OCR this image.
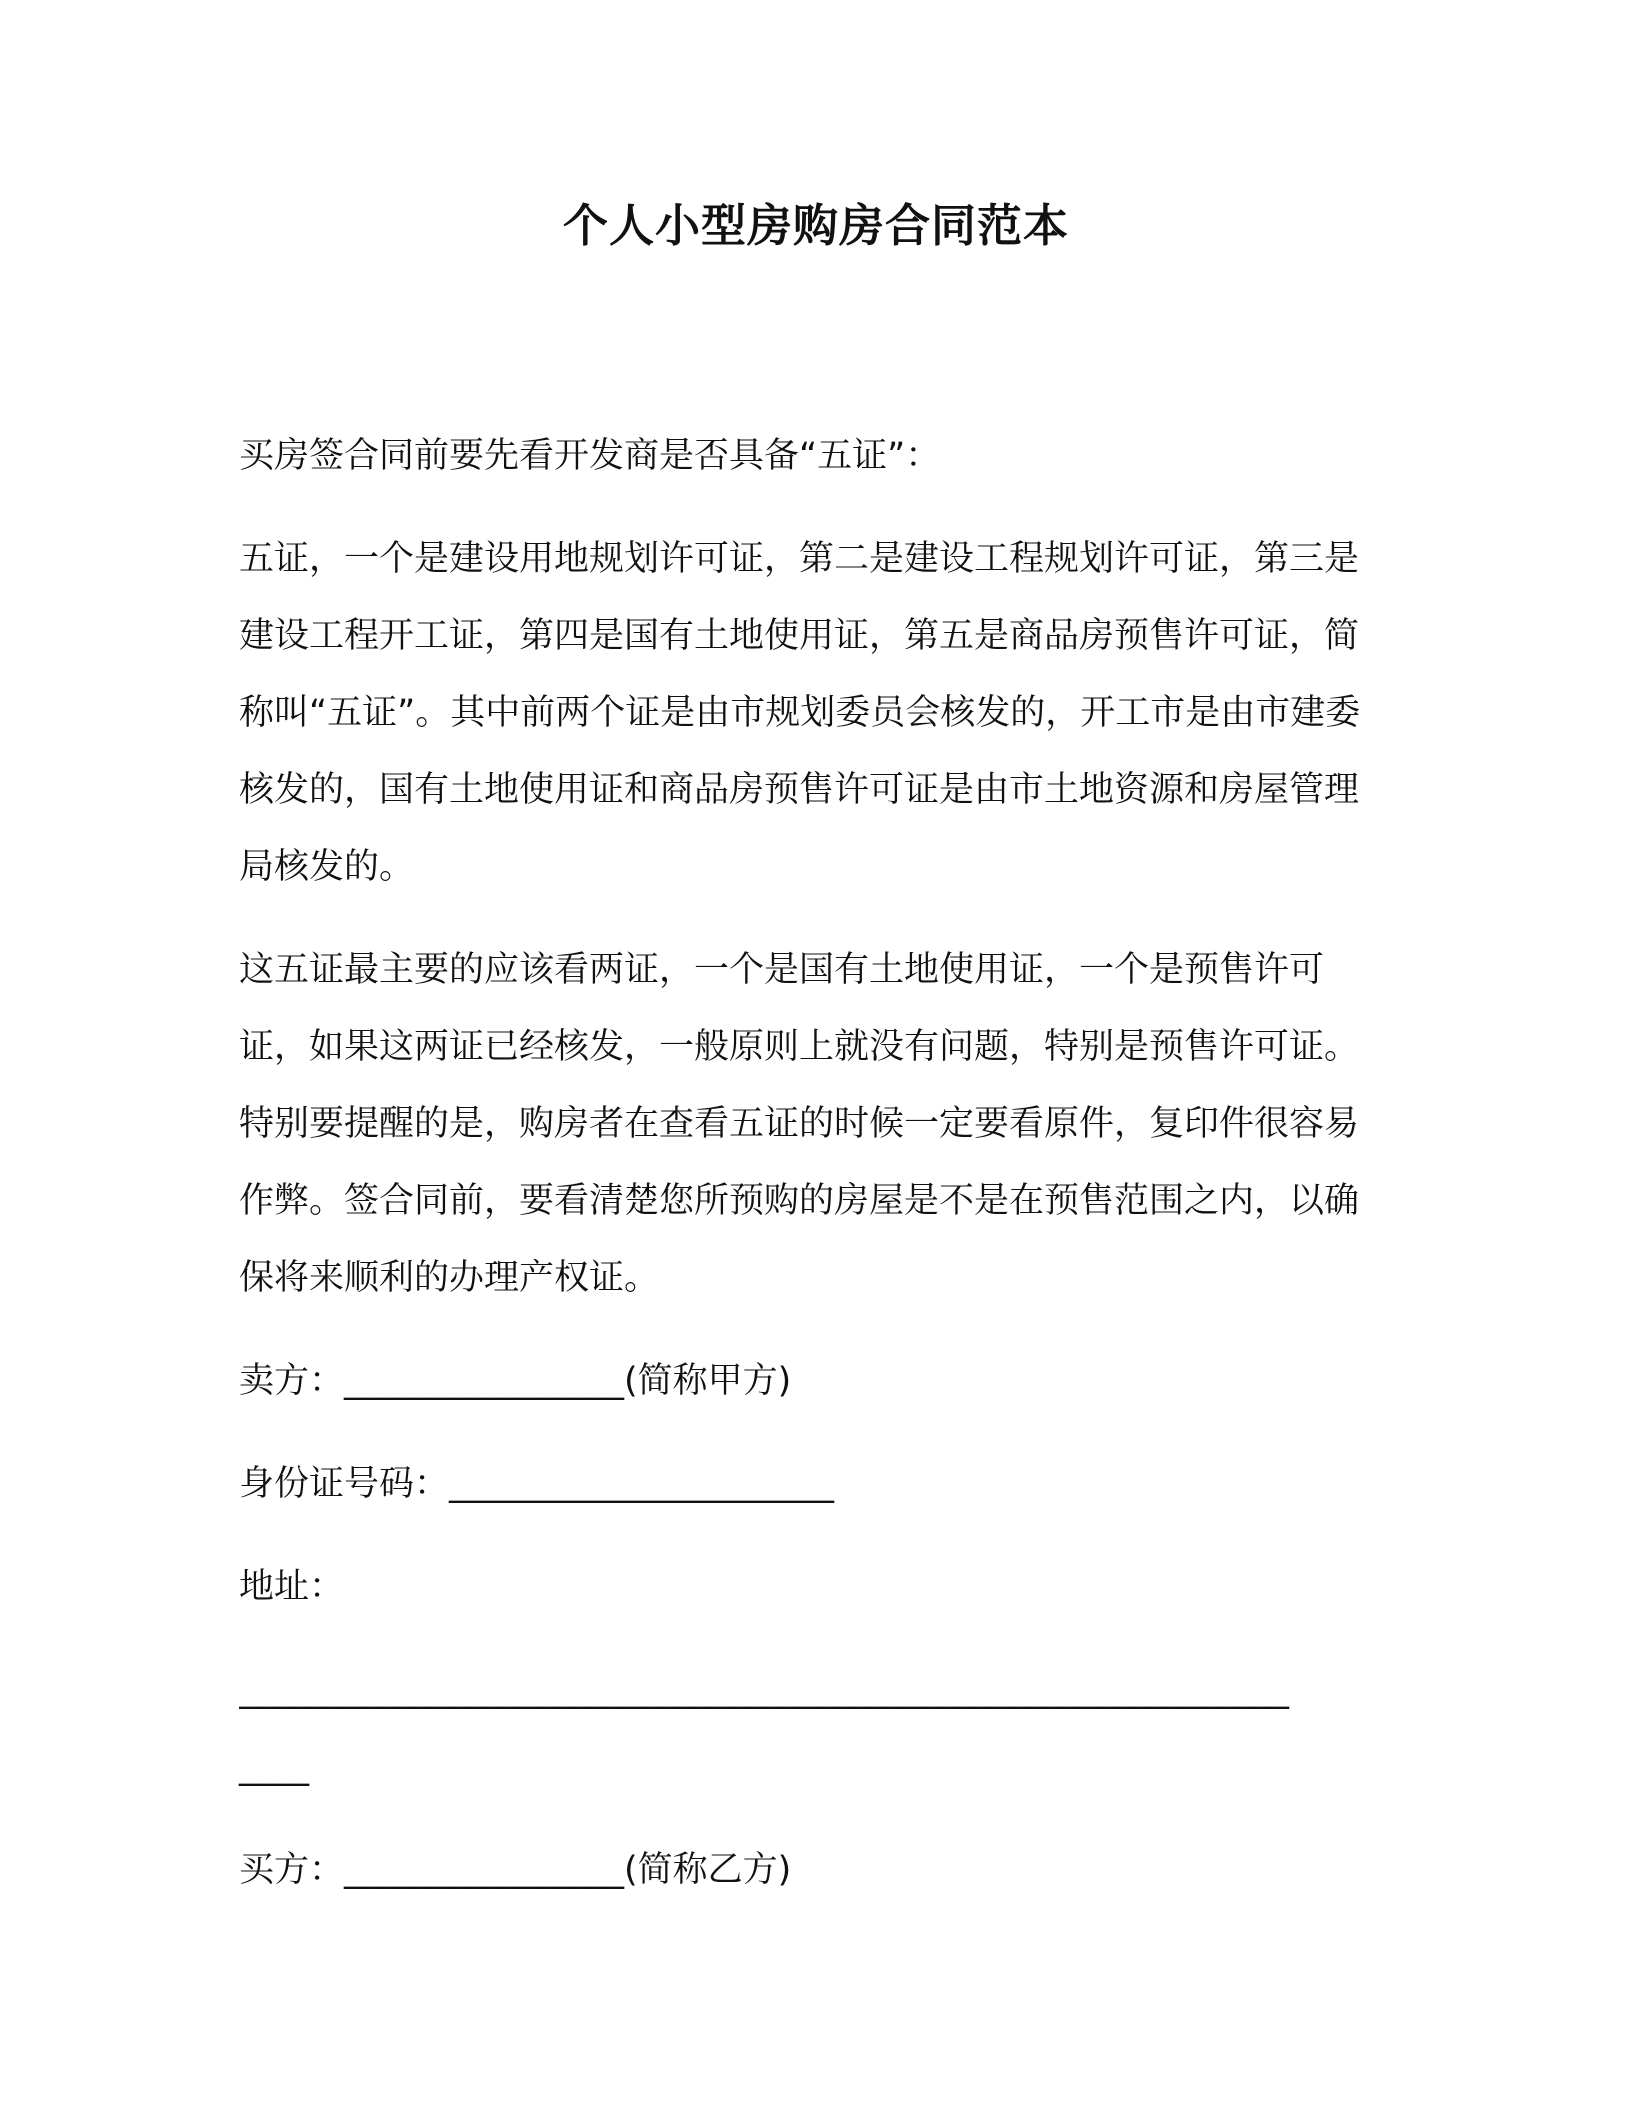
个人小型房购房合同范本

买房签合同前要先看开发商是否具备“五证”：

五证，一个是建设用地规划许可证，第二是建设工程规划许可证，第三是建设工程开工证，第四是国有土地使用证，第五是商品房预售许可证，简称叫“五证”。其中前两个证是由市规划委员会核发的，开工市是由市建委核发的，国有土地使用证和商品房预售许可证是由市土地资源和房屋管理局核发的。

这五证最主要的应该看两证，一个是国有土地使用证，一个是预售许可证，如果这两证已经核发，一般原则上就没有问题，特别是预售许可证。特别要提醒的是，购房者在查看五证的时候一定要看原件，复印件很容易作弊。签合同前，要看清楚您所预购的房屋是不是在预售范围之内，以确保将来顺利的办理产权证。

卖方：________________(简称甲方)

身份证号码：______________________

地址：

____________________________________________________________

____

买方：________________(简称乙方)
